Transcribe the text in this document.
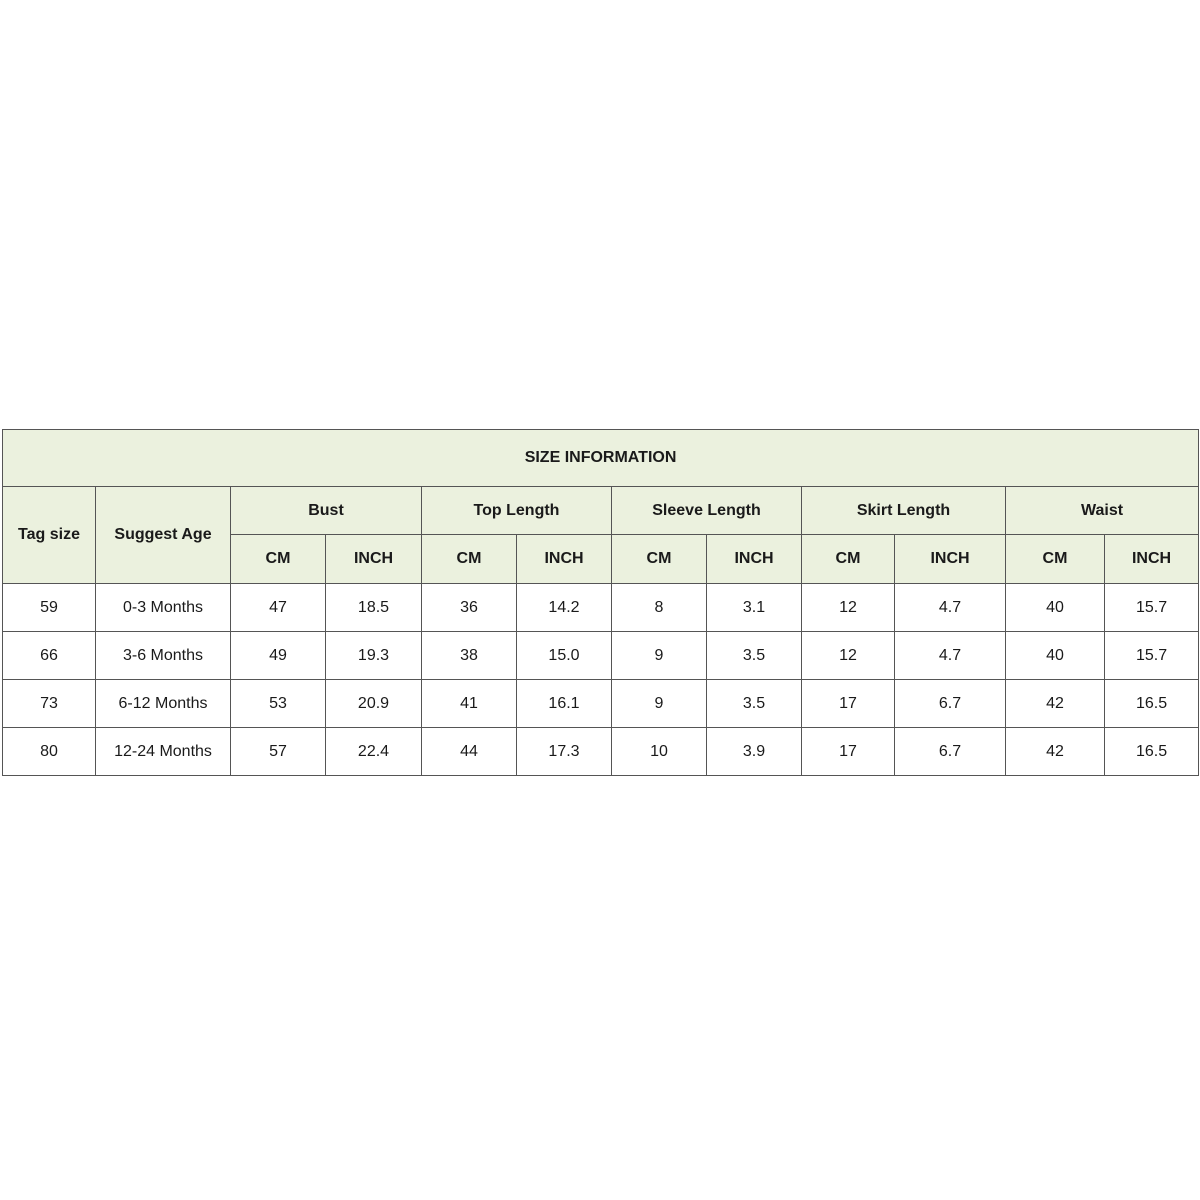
SIZE INFORMATION											
Tag size	Suggest Age	Bust		Top Length		Sleeve Length		Skirt Length		Waist	
		CM	INCH	CM	INCH	CM	INCH	CM	INCH	CM	INCH
59	0-3 Months	47	18.5	36	14.2	8	3.1	12	4.7	40	15.7
66	3-6 Months	49	19.3	38	15.0	9	3.5	12	4.7	40	15.7
73	6-12 Months	53	20.9	41	16.1	9	3.5	17	6.7	42	16.5
80	12-24 Months	57	22.4	44	17.3	10	3.9	17	6.7	42	16.5
